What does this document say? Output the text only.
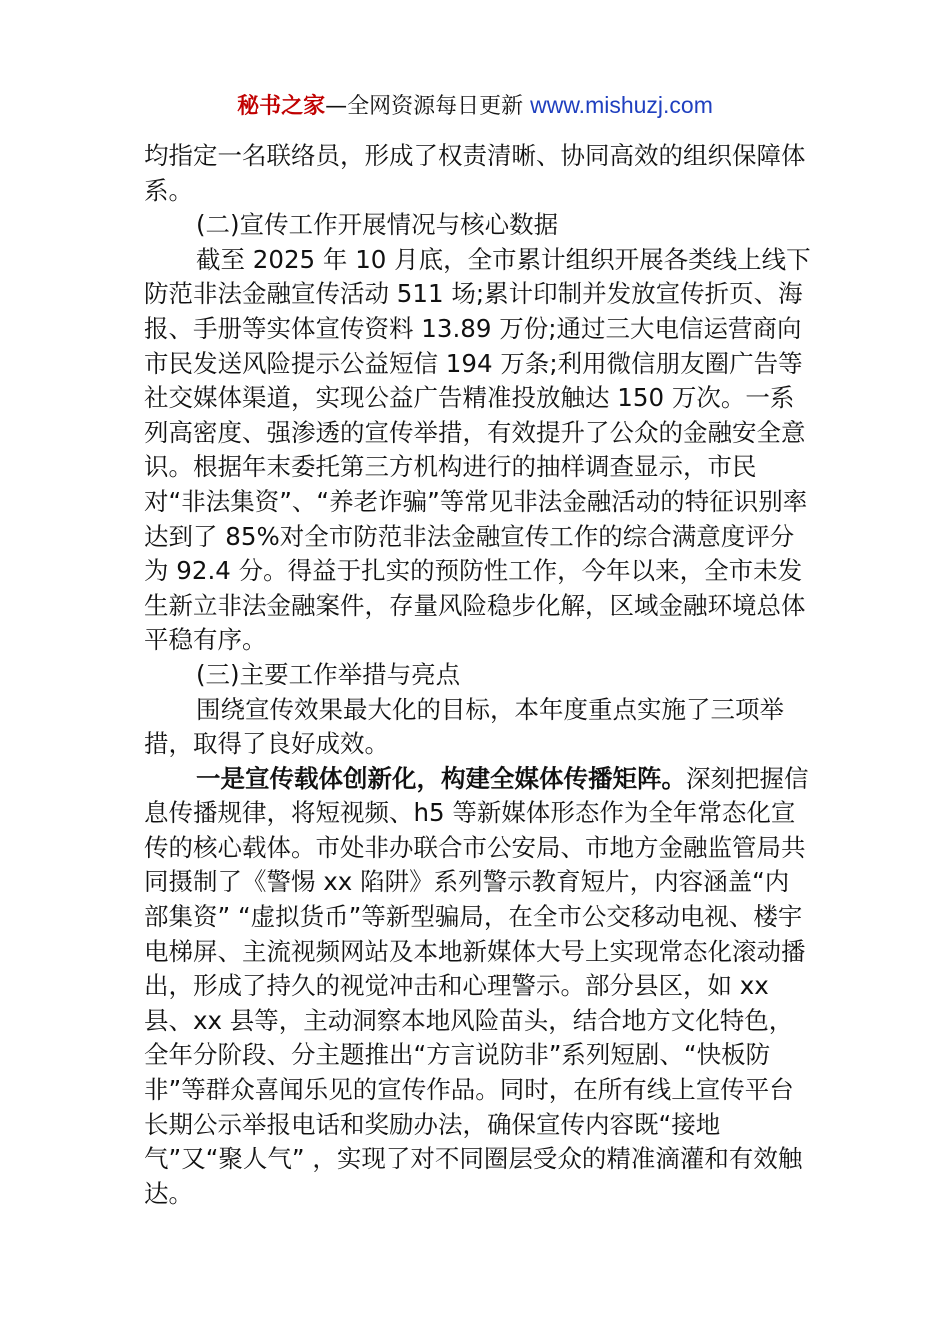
秘书之家—全网资源每日更新 www.mishuzj.com

均指定一名联络员，形成了权责清晰、协同高效的组织保障体系。

(二)宣传工作开展情况与核心数据

截至 2025 年 10 月底，全市累计组织开展各类线上线下防范非法金融宣传活动 511 场;累计印制并发放宣传折页、海报、手册等实体宣传资料 13.89 万份;通过三大电信运营商向市民发送风险提示公益短信 194 万条;利用微信朋友圈广告等社交媒体渠道，实现公益广告精准投放触达 150 万次。一系列高密度、强渗透的宣传举措，有效提升了公众的金融安全意识。根据年末委托第三方机构进行的抽样调查显示，市民对“非法集资”、“养老诈骗”等常见非法金融活动的特征识别率达到了 85%对全市防范非法金融宣传工作的综合满意度评分为 92.4 分。得益于扎实的预防性工作，今年以来，全市未发生新立非法金融案件，存量风险稳步化解，区域金融环境总体平稳有序。

(三)主要工作举措与亮点

围绕宣传效果最大化的目标，本年度重点实施了三项举措，取得了良好成效。

一是宣传载体创新化，构建全媒体传播矩阵。深刻把握信息传播规律，将短视频、h5 等新媒体形态作为全年常态化宣传的核心载体。市处非办联合市公安局、市地方金融监管局共同摄制了《警惕 xx 陷阱》系列警示教育短片，内容涵盖“内部集资” “虚拟货币”等新型骗局，在全市公交移动电视、楼宇电梯屏、主流视频网站及本地新媒体大号上实现常态化滚动播出，形成了持久的视觉冲击和心理警示。部分县区，如 xx 县、xx 县等，主动洞察本地风险苗头，结合地方文化特色，全年分阶段、分主题推出“方言说防非”系列短剧、“快板防非”等群众喜闻乐见的宣传作品。同时，在所有线上宣传平台长期公示举报电话和奖励办法，确保宣传内容既“接地气”又“聚人气” ，实现了对不同圈层受众的精准滴灌和有效触达。
